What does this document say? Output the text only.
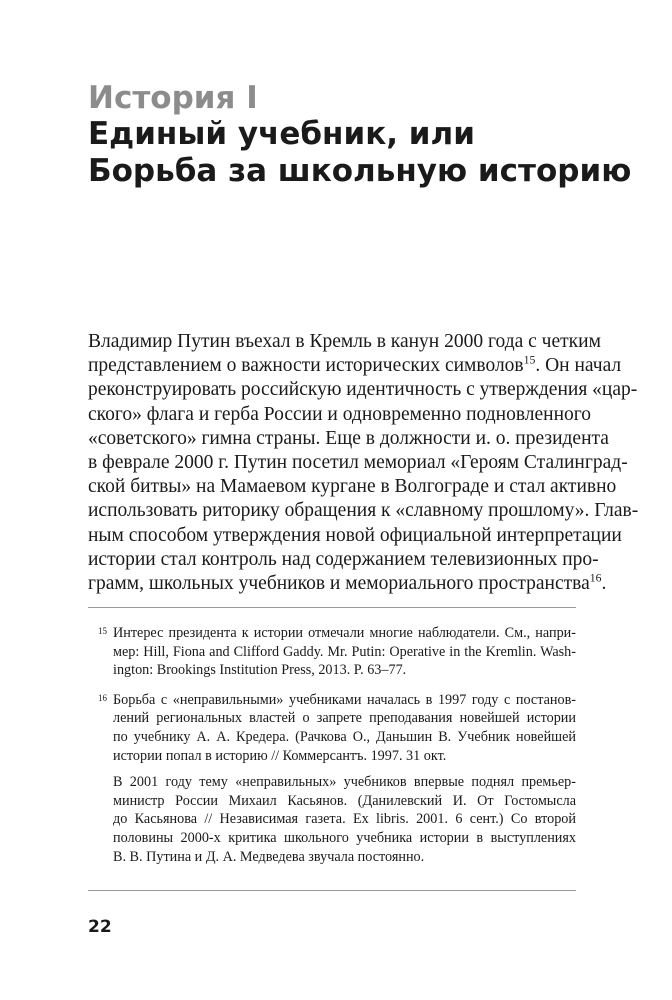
История I
Единый учебник, или
Борьба за школьную историю
Владимир Путин въехал в Кремль в канун 2000 года с четким
представлением о важности исторических символов$^{15}$. Он начал
реконструировать российскую идентичность с утверждения «цар-
ского» флага и герба России и одновременно подновленного
«советского» гимна страны. Еще в должности и. о. президента
в феврале 2000 г. Путин посетил мемориал «Героям Сталинград-
ской битвы» на Мамаевом кургане в Волгограде и стал активно
использовать риторику обращения к «славному прошлому». Глав-
ным способом утверждения новой официальной интерпретации
истории стал контроль над содержанием телевизионных про-
грамм, школьных учебников и мемориального пространства$^{16}$.
15 Интерес президента к истории отмечали многие наблюдатели. См., напри-
мер: Hill, Fiona and Clifford Gaddy. Mr. Putin: Operative in the Kremlin. Wash-
ington: Brookings Institution Press, 2013. P. 63–77.
16 Борьба с «неправильными» учебниками началась в 1997 году с постанов-
лений региональных властей о запрете преподавания новейшей истории
по учебнику А. А. Кредера. (Рачкова О., Даньшин В. Учебник новейшей
истории попал в историю // Коммерсантъ. 1997. 31 окт.
В 2001 году тему «неправильных» учебников впервые поднял премьер-
министр России Михаил Касьянов. (Данилевский И. От Гостомысла
до Касьянова // Независимая газета. Ex libris. 2001. 6 сент.) Со второй
половины 2000-х критика школьного учебника истории в выступлениях
В. В. Путина и Д. А. Медведева звучала постоянно.
22
